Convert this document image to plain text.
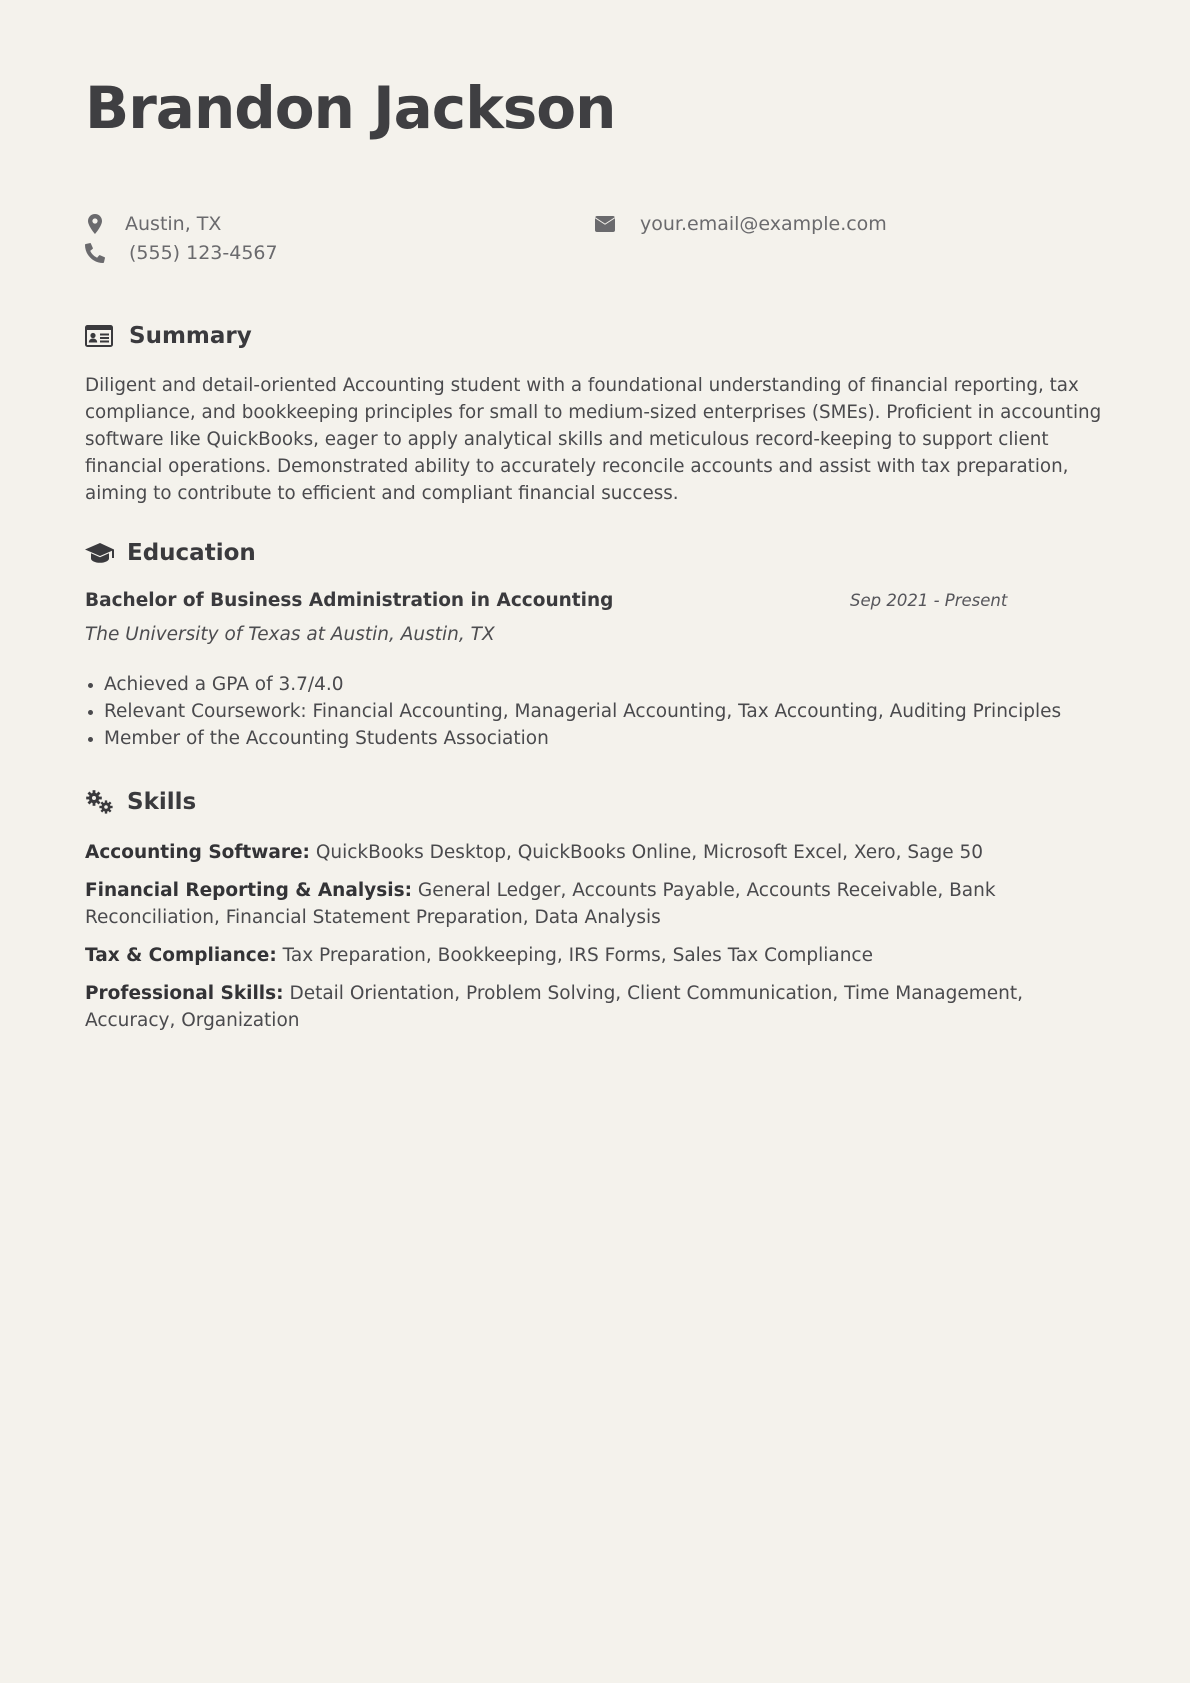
Brandon Jackson
Austin, TX
(555) 123-4567
your.email@example.com
Summary

Diligent and detail-oriented Accounting student with a foundational understanding of financial reporting, tax compliance, and bookkeeping principles for small to medium-sized enterprises (SMEs). Proficient in accounting software like QuickBooks, eager to apply analytical skills and meticulous record-keeping to support client financial operations. Demonstrated ability to accurately reconcile accounts and assist with tax preparation, aiming to contribute to efficient and compliant financial success.

Education
Bachelor of Business Administration in Accounting	Sep 2021 - Present
The University of Texas at Austin, Austin, TX
Achieved a GPA of 3.7/4.0
Relevant Coursework: Financial Accounting, Managerial Accounting, Tax Accounting, Auditing Principles
Member of the Accounting Students Association
Skills

Accounting Software: QuickBooks Desktop, QuickBooks Online, Microsoft Excel, Xero, Sage 50

Financial Reporting & Analysis: General Ledger, Accounts Payable, Accounts Receivable, Bank Reconciliation, Financial Statement Preparation, Data Analysis

Tax & Compliance: Tax Preparation, Bookkeeping, IRS Forms, Sales Tax Compliance

Professional Skills: Detail Orientation, Problem Solving, Client Communication, Time Management, Accuracy, Organization
